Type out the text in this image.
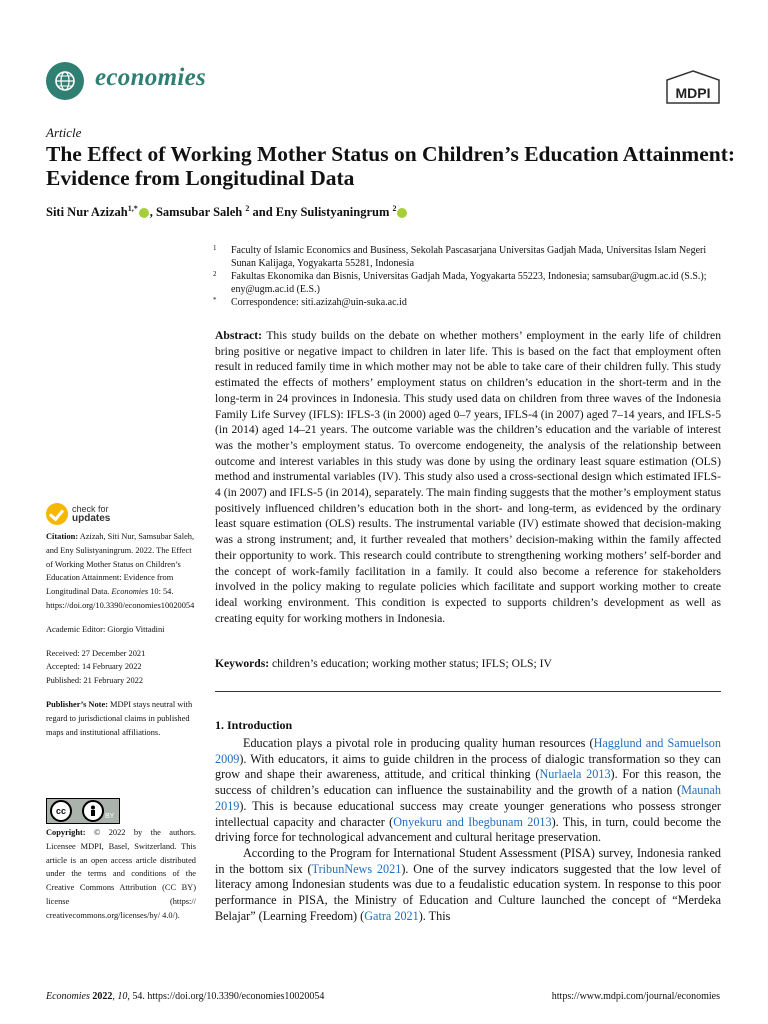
economies
MDPI
Article
The Effect of Working Mother Status on Children’s Education Attainment: Evidence from Longitudinal Data
Siti Nur Azizah$^{1,*}$ , Samsubar Saleh $^2$ and Eny Sulistyaningrum $^2$
1 Faculty of Islamic Economics and Business, Sekolah Pascasarjana Universitas Gadjah Mada, Universitas Islam Negeri Sunan Kalijaga, Yogyakarta 55281, Indonesia
2 Fakultas Ekonomika dan Bisnis, Universitas Gadjah Mada, Yogyakarta 55223, Indonesia; samsubar@ugm.ac.id (S.S.); eny@ugm.ac.id (E.S.)
* Correspondence: siti.azizah@uin-suka.ac.id
Abstract: This study builds on the debate on whether mothers’ employment in the early life of children bring positive or negative impact to children in later life. This is based on the fact that employment often result in reduced family time in which mother may not be able to take care of their children fully. This study estimated the effects of mothers’ employment status on children’s education in the short-term and in the long-term in 24 provinces in Indonesia. This study used data on children from three waves of the Indonesia Family Life Survey (IFLS): IFLS-3 (in 2000) aged 0–7 years, IFLS-4 (in 2007) aged 7–14 years, and IFLS-5 (in 2014) aged 14–21 years. The outcome variable was the children’s education and the variable of interest was the mother’s employment status. To overcome endogeneity, the analysis of the relationship between outcome and interest variables in this study was done by using the ordinary least square estimation (OLS) method and instrumental variables (IV). This study also used a cross-sectional design which estimated IFLS-4 (in 2007) and IFLS-5 (in 2014), separately. The main finding suggests that the mother’s employment status positively influenced children’s education both in the short- and long-term, as evidenced by the ordinary least square estimation (OLS) results. The instrumental variable (IV) estimate showed that decision-making was a strong instrument; and, it further revealed that mothers’ decision-making within the family affected their opportunity to work. This research could contribute to strengthening working mothers’ self-border and the concept of work-family facilitation in a family. It could also become a reference for stakeholders involved in the policy making to regulate policies which facilitate and support working mother to create ideal working environment. This condition is expected to supports children’s development as well as creating equity for working mothers in Indonesia.
Keywords: children’s education; working mother status; IFLS; OLS; IV
1. Introduction

Education plays a pivotal role in producing quality human resources (Hagglund and Samuelson 2009). With educators, it aims to guide children in the process of dialogic transformation so they can grow and shape their awareness, attitude, and critical thinking (Nurlaela 2013). For this reason, the success of children’s education can influence the sustainability and the growth of a nation (Maunah 2019). This is because educational success may create younger generations who possess stronger intellectual capacity and character (Onyekuru and Ibegbunam 2013). This, in turn, could become the driving force for technological advancement and cultural heritage preservation.

According to the Program for International Student Assessment (PISA) survey, Indonesia ranked in the bottom six (TribunNews 2021). One of the survey indicators suggested that the low level of literacy among Indonesian students was due to a feudalistic education system. In response to this poor performance in PISA, the Ministry of Education and Culture launched the concept of “Merdeka Belajar” (Learning Freedom) (Gatra 2021). This

check for
updates

Citation: Azizah, Siti Nur, Samsubar Saleh, and Eny Sulistyaningrum. 2022. The Effect of Working Mother Status on Children’s Education Attainment: Evidence from Longitudinal Data. Economies 10: 54. https://doi.org/10.3390/economies10020054

Academic Editor: Giorgio Vittadini

Received: 27 December 2021

Accepted: 14 February 2022

Published: 21 February 2022

Publisher’s Note: MDPI stays neutral with regard to jurisdictional claims in published maps and institutional affiliations.

cc
BY
Copyright: © 2022 by the authors. Licensee MDPI, Basel, Switzerland. This article is an open access article distributed under the terms and conditions of the Creative Commons Attribution (CC BY) license (https:// creativecommons.org/licenses/by/ 4.0/).
Economies 2022, 10, 54. https://doi.org/10.3390/economies10020054	https://www.mdpi.com/journal/economies
